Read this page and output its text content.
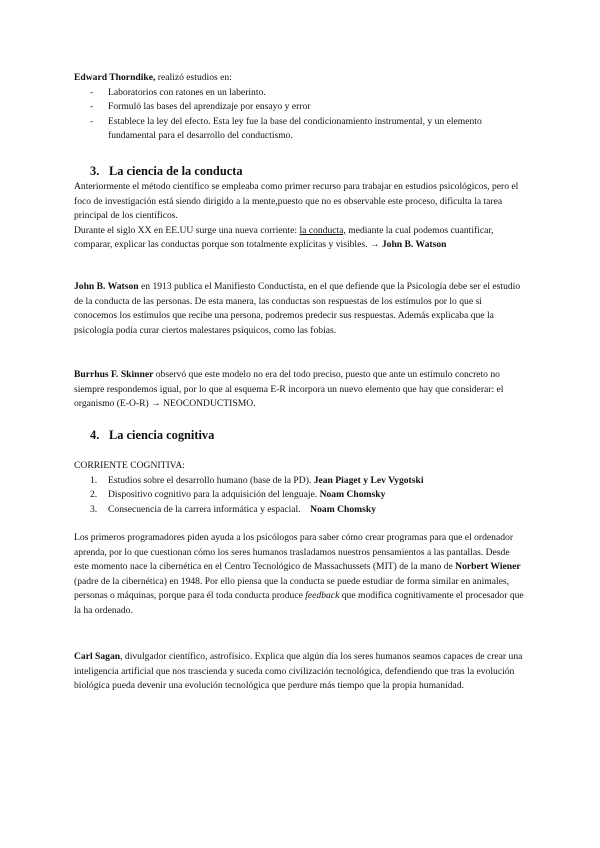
Edward Thorndike, realizó estudios en:

- Laboratorios con ratones en un laberinto.
- Formuló las bases del aprendizaje por ensayo y error
- Establece la ley del efecto. Esta ley fue la base del condicionamiento instrumental, y un elemento fundamental para el desarrollo del conductismo.
3. La ciencia de la conducta

Anteriormente el método científico se empleaba como primer recurso para trabajar en estudios psicológicos, pero el foco de investigación está siendo dirigido a la mente,puesto que no es observable este proceso, dificulta la tarea principal de los científicos.

Durante el siglo XX en EE.UU surge una nueva corriente: la conducta, mediante la cual podemos cuantificar, comparar, explicar las conductas porque son totalmente explícitas y visibles. → John B. Watson

John B. Watson en 1913 publica el Manifiesto Conductista, en el que defiende que la Psicología debe ser el estudio de la conducta de las personas. De esta manera, las conductas son respuestas de los estímulos por lo que si conocemos los estímulos que recibe una persona, podremos predecir sus respuestas. Además explicaba que la psicología podía curar ciertos malestares psíquicos, como las fobias.

Burrhus F. Skinner observó que este modelo no era del todo preciso, puesto que ante un estímulo concreto no siempre respondemos igual, por lo que al esquema E-R incorpora un nuevo elemento que hay que considerar: el organismo (E-O-R) → NEOCONDUCTISMO.

4. La ciencia cognitiva

CORRIENTE COGNITIVA:

1. Estudios sobre el desarrollo humano (base de la PD). Jean Piaget y Lev Vygotski
2. Dispositivo cognitivo para la adquisición del lenguaje. Noam Chomsky
3. Consecuencia de la carrera informática y espacial.    Noam Chomsky

Los primeros programadores piden ayuda a los psicólogos para saber cómo crear programas para que el ordenador aprenda, por lo que cuestionan cómo los seres humanos trasladamos nuestros pensamientos a las pantallas. Desde este momento nace la cibernética en el Centro Tecnológico de Massachussets (MIT) de la mano de Norbert Wiener (padre de la cibernética) en 1948. Por ello piensa que la conducta se puede estudiar de forma similar en animales, personas o máquinas, porque para él toda conducta produce feedback que modifica cognitivamente el procesador que la ha ordenado.

Carl Sagan, divulgador científico, astrofísico. Explica que algún día los seres humanos seamos capaces de crear una inteligencia artificial que nos trascienda y suceda como civilización tecnológica, defendiendo que tras la evolución biológica pueda devenir una evolución tecnológica que perdure más tiempo que la propia humanidad.
